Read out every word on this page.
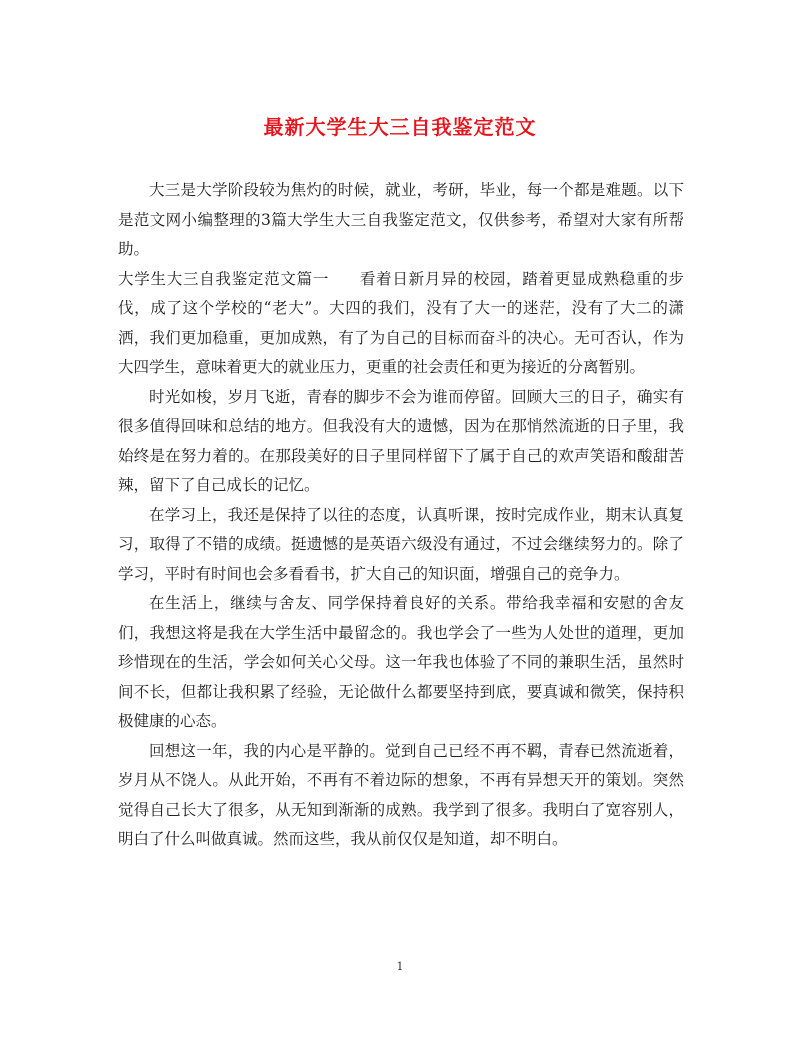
最新大学生大三自我鉴定范文

大三是大学阶段较为焦灼的时候，就业，考研，毕业，每一个都是难题。以下是范文网小编整理的3篇大学生大三自我鉴定范文，仅供参考，希望对大家有所帮助。

大学生大三自我鉴定范文篇一 看着日新月异的校园，踏着更显成熟稳重的步伐，成了这个学校的“老大”。大四的我们，没有了大一的迷茫，没有了大二的潇洒，我们更加稳重，更加成熟，有了为自己的目标而奋斗的决心。无可否认，作为大四学生，意味着更大的就业压力，更重的社会责任和更为接近的分离暂别。

时光如梭，岁月飞逝，青春的脚步不会为谁而停留。回顾大三的日子，确实有很多值得回味和总结的地方。但我没有大的遗憾，因为在那悄然流逝的日子里，我始终是在努力着的。在那段美好的日子里同样留下了属于自己的欢声笑语和酸甜苦辣，留下了自己成长的记忆。

在学习上，我还是保持了以往的态度，认真听课，按时完成作业，期末认真复习，取得了不错的成绩。挺遗憾的是英语六级没有通过，不过会继续努力的。除了学习，平时有时间也会多看看书，扩大自己的知识面，增强自己的竞争力。

在生活上，继续与舍友、同学保持着良好的关系。带给我幸福和安慰的舍友们，我想这将是我在大学生活中最留念的。我也学会了一些为人处世的道理，更加珍惜现在的生活，学会如何关心父母。这一年我也体验了不同的兼职生活，虽然时间不长，但都让我积累了经验，无论做什么都要坚持到底，要真诚和微笑，保持积极健康的心态。

回想这一年，我的内心是平静的。觉到自己已经不再不羁，青春已然流逝着，岁月从不饶人。从此开始，不再有不着边际的想象，不再有异想天开的策划。突然觉得自己长大了很多，从无知到渐渐的成熟。我学到了很多。我明白了宽容别人，明白了什么叫做真诚。然而这些，我从前仅仅是知道，却不明白。

1
